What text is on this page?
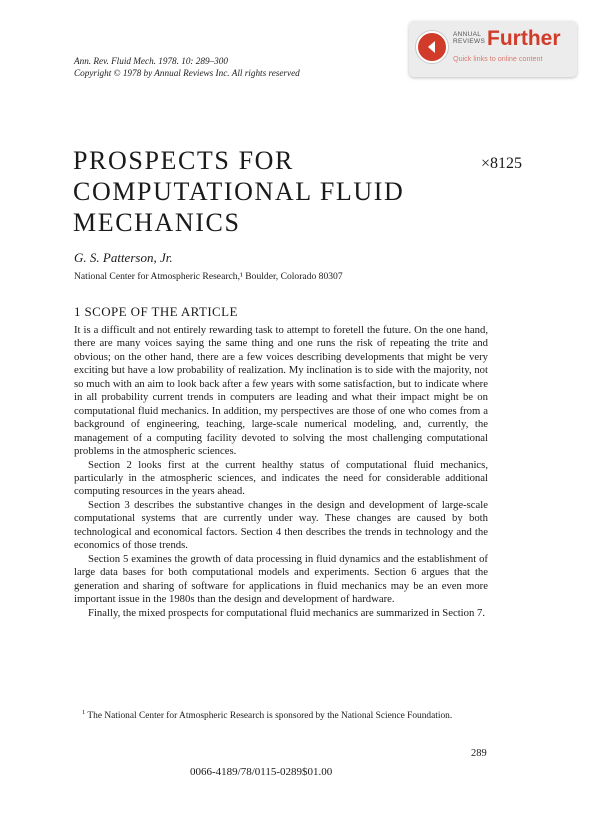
Ann. Rev. Fluid Mech. 1978. 10: 289–300
Copyright © 1978 by Annual Reviews Inc. All rights reserved
ANNUAL
REVIEWS Further
Quick links to online content
PROSPECTS FOR
COMPUTATIONAL FLUID
MECHANICS
×8125
G. S. Patterson, Jr.
National Center for Atmospheric Research,¹ Boulder, Colorado 80307
1 SCOPE OF THE ARTICLE

It is a difficult and not entirely rewarding task to attempt to foretell the future. On the one hand, there are many voices saying the same thing and one runs the risk of repeating the trite and obvious; on the other hand, there are a few voices describing developments that might be very exciting but have a low probability of realization. My inclination is to side with the majority, not so much with an aim to look back after a few years with some satisfaction, but to indicate where in all probability current trends in computers are leading and what their impact might be on computational fluid mechanics. In addition, my perspectives are those of one who comes from a background of engineering, teaching, large-scale numerical modeling, and, currently, the management of a computing facility devoted to solving the most challenging computational problems in the atmospheric sciences.

Section 2 looks first at the current healthy status of computational fluid mechanics, particularly in the atmospheric sciences, and indicates the need for considerable additional computing resources in the years ahead.

Section 3 describes the substantive changes in the design and development of large-scale computational systems that are currently under way. These changes are caused by both technological and economical factors. Section 4 then describes the trends in technology and the economics of those trends.

Section 5 examines the growth of data processing in fluid dynamics and the establishment of large data bases for both computational models and experiments. Section 6 argues that the generation and sharing of software for applications in fluid mechanics may be an even more important issue in the 1980s than the design and development of hardware.

Finally, the mixed prospects for computational fluid mechanics are summarized in Section 7.

$^1$ The National Center for Atmospheric Research is sponsored by the National Science Foundation.
289
0066-4189/78/0115-0289$01.00
